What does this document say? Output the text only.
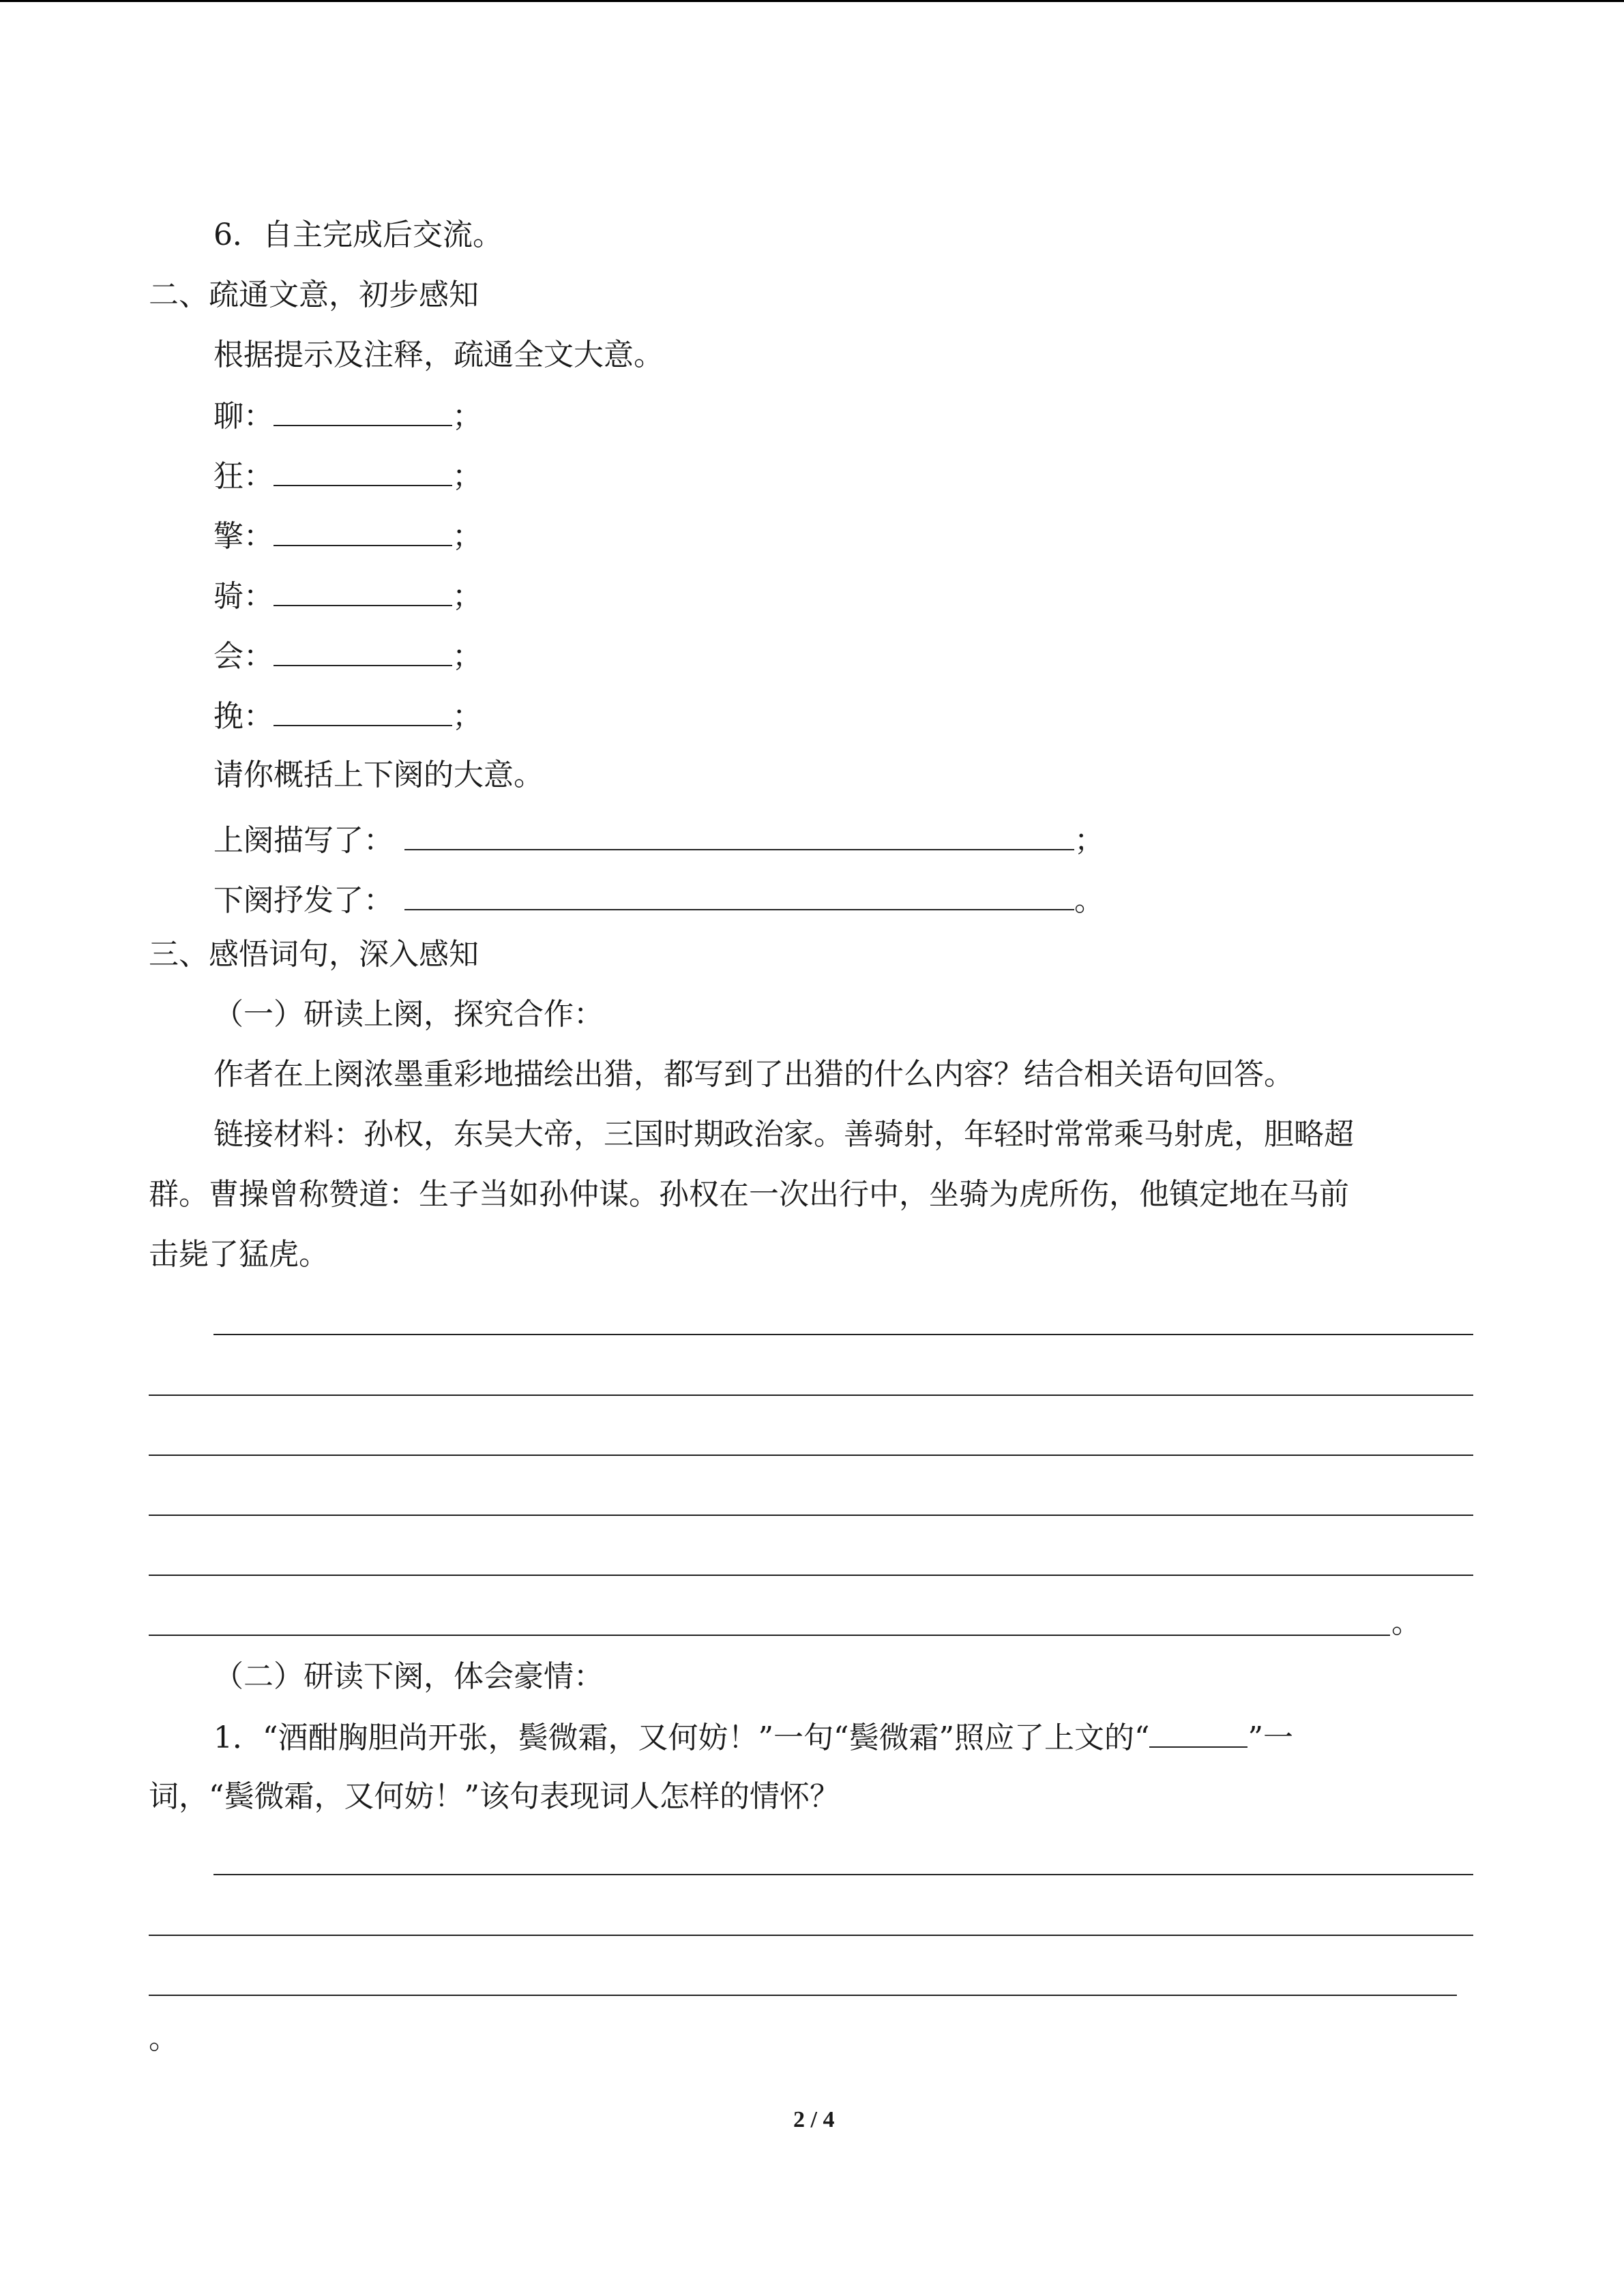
6．自主完成后交流。
二、疏通文意，初步感知
根据提示及注释，疏通全文大意。
聊：	；
狂：	；
擎：	；
骑：	；
会：	；
挽：	；
请你概括上下阕的大意。
上阕描写了：	；
下阕抒发了：	。
三、感悟词句，深入感知
（一）研读上阕，探究合作：
作者在上阕浓墨重彩地描绘出猎，都写到了出猎的什么内容？结合相关语句回答。
链接材料：孙权，东吴大帝，三国时期政治家。善骑射，年轻时常常乘马射虎，胆略超
群。曹操曾称赞道：生子当如孙仲谋。孙权在一次出行中，坐骑为虎所伤，他镇定地在马前
击毙了猛虎。
。
（二）研读下阕，体会豪情：
1．“酒酣胸胆尚开张，鬓微霜，又何妨！”一句“鬓微霜”照应了上文的“	”一
词，“鬓微霜，又何妨！”该句表现词人怎样的情怀？
。
2 / 4
